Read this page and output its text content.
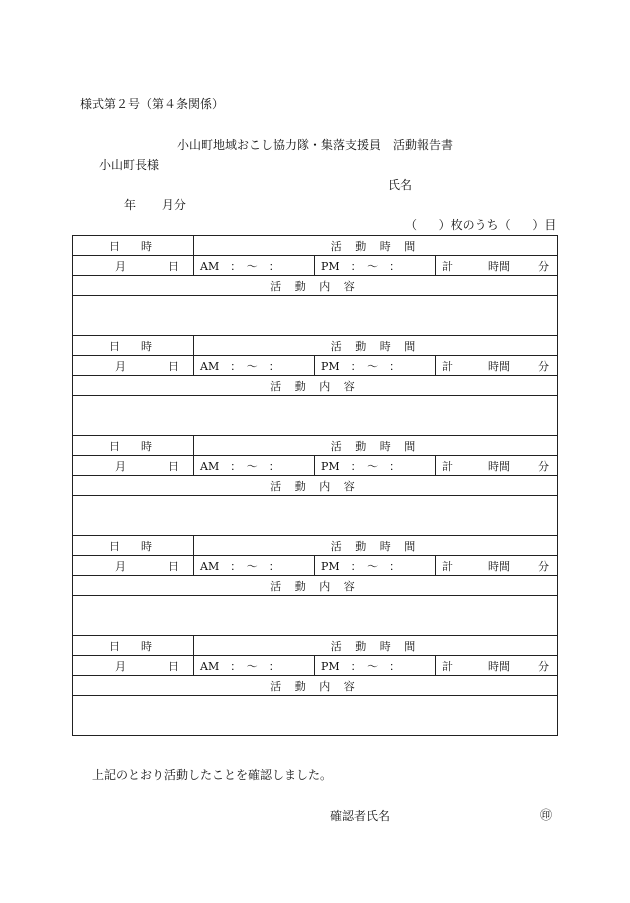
様式第２号（第４条関係）
小山町地域おこし協力隊・集落支援員　活動報告書
小山町長様
氏名
年 月分
（ ）枚のうち（ ）目
日　時	活 動 時 間		

月 日	AM　：　～　：	PM　：　～　：	計 時間 分

活 動 内 容			

日　時	活 動 時 間		

月 日	AM　：　～　：	PM　：　～　：	計 時間 分

活 動 内 容			

日　時	活 動 時 間		

月 日	AM　：　～　：	PM　：　～　：	計 時間 分

活 動 内 容			

日　時	活 動 時 間		

月 日	AM　：　～　：	PM　：　～　：	計 時間 分

活 動 内 容			

日　時	活 動 時 間		

月 日	AM　：　～　：	PM　：　～　：	計 時間 分

活 動 内 容			

上記のとおり活動したことを確認しました。
確認者氏名	㊞
